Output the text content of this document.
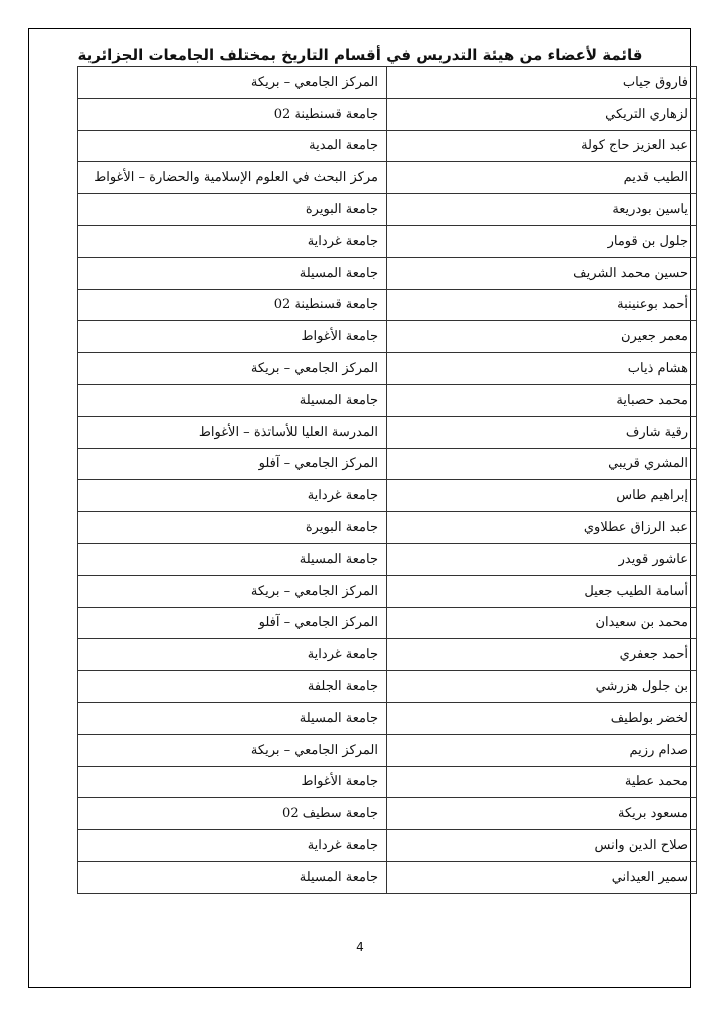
قائمة لأعضاء من هيئة التدريس في أقسام التاريخ بمختلف الجامعات الجزائرية
فاروق جياب	المركز الجامعي – بريكة
لزهاري التريكي	جامعة قسنطينة 02
عبد العزيز حاج كولة	جامعة المدية
الطيب قديم	مركز البحث في العلوم الإسلامية والحضارة – الأغواط
ياسين بودريعة	جامعة البويرة
جلول بن قومار	جامعة غرداية
حسين محمد الشريف	جامعة المسيلة
أحمد بوعنينبة	جامعة قسنطينة 02
معمر جعيرن	جامعة الأغواط
هشام ذياب	المركز الجامعي – بريكة
محمد حصباية	جامعة المسيلة
رقية شارف	المدرسة العليا للأساتذة – الأغواط
المشري قريبي	المركز الجامعي – آفلو
إبراهيم طاس	جامعة غرداية
عبد الرزاق عطلاوي	جامعة البويرة
عاشور قويدر	جامعة المسيلة
أسامة الطيب جعيل	المركز الجامعي – بريكة
محمد بن سعيدان	المركز الجامعي – آفلو
أحمد جعفري	جامعة غرداية
بن جلول هزرشي	جامعة الجلفة
لخضر بولطيف	جامعة المسيلة
صدام رزيم	المركز الجامعي – بريكة
محمد عطية	جامعة الأغواط
مسعود بريكة	جامعة سطيف 02
صلاح الدين وانس	جامعة غرداية
سمير العيداني	جامعة المسيلة
4
